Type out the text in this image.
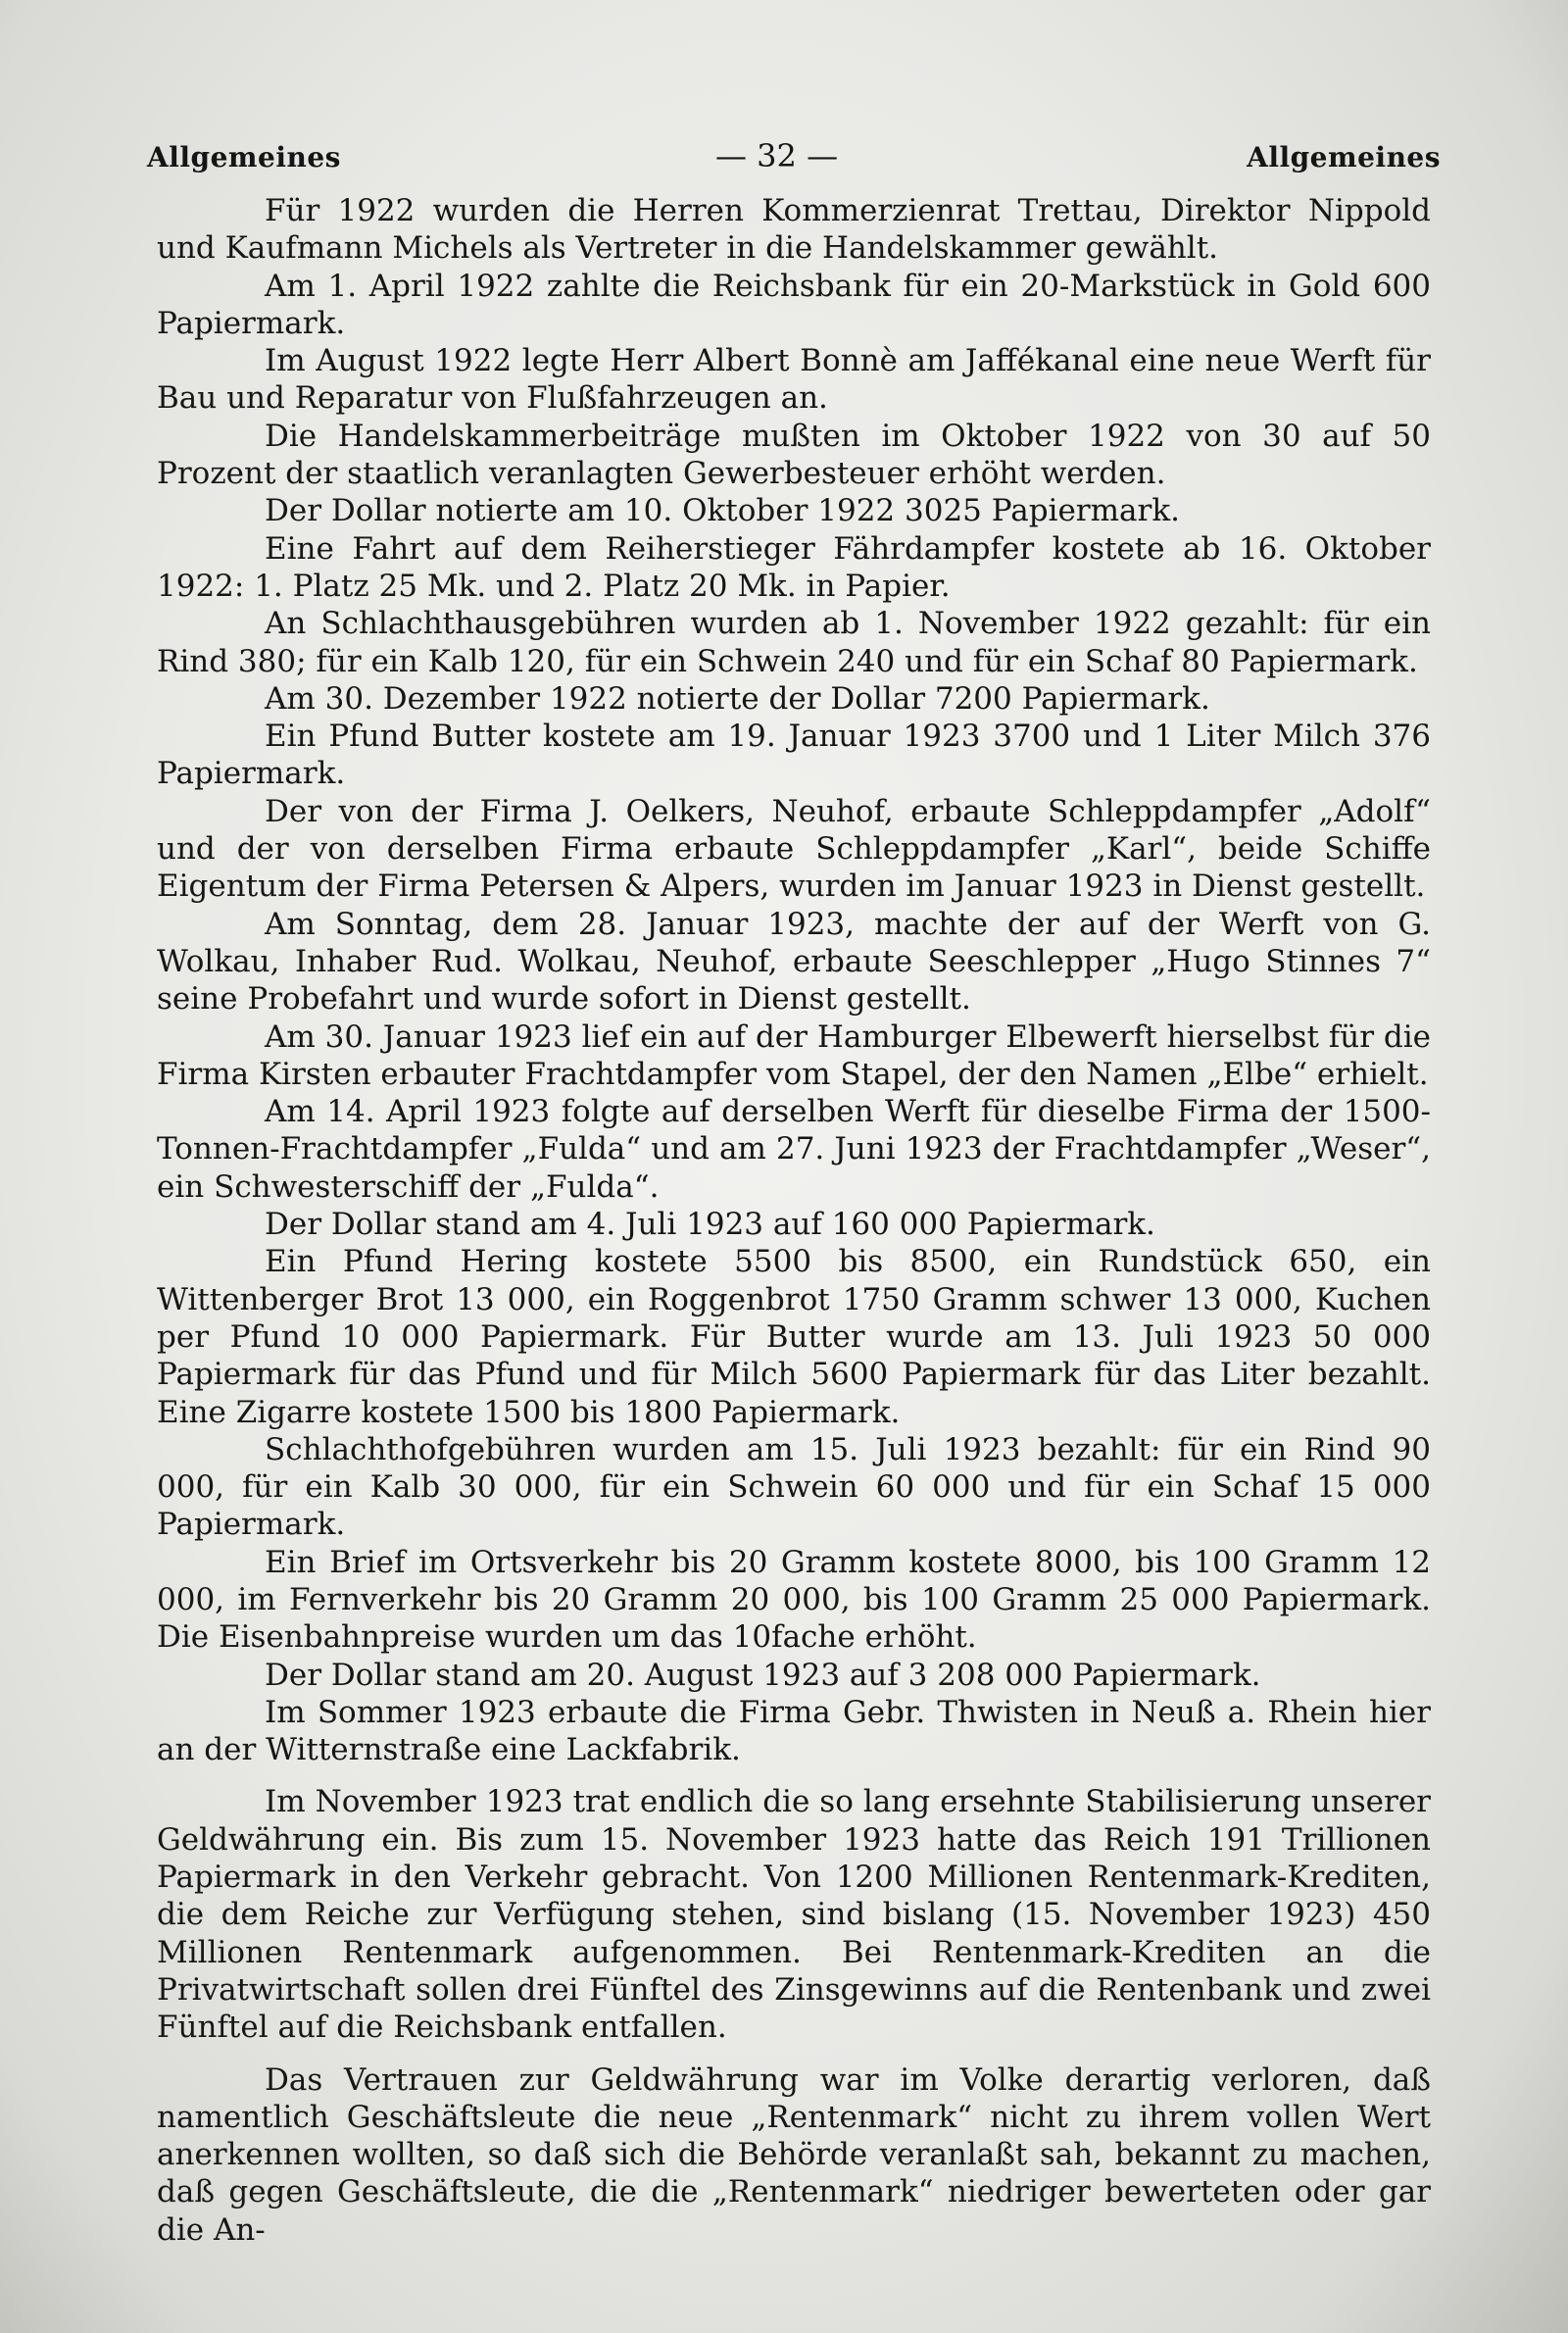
Allgemeines	— 32 —	Allgemeines

Für 1922 wurden die Herren Kommerzienrat Trettau, Direktor Nippold und Kaufmann Michels als Vertreter in die Handelskammer gewählt.

Am 1. April 1922 zahlte die Reichsbank für ein 20-Markstück in Gold 600 Papiermark.

Im August 1922 legte Herr Albert Bonnè am Jaffékanal eine neue Werft für Bau und Reparatur von Flußfahrzeugen an.

Die Handelskammerbeiträge mußten im Oktober 1922 von 30 auf 50 Prozent der staatlich veranlagten Gewerbesteuer erhöht werden.

Der Dollar notierte am 10. Oktober 1922 3025 Papiermark.

Eine Fahrt auf dem Reiherstieger Fährdampfer kostete ab 16. Oktober 1922: 1. Platz 25 Mk. und 2. Platz 20 Mk. in Papier.

An Schlachthausgebühren wurden ab 1. November 1922 gezahlt: für ein Rind 380; für ein Kalb 120, für ein Schwein 240 und für ein Schaf 80 Papiermark.

Am 30. Dezember 1922 notierte der Dollar 7200 Papiermark.

Ein Pfund Butter kostete am 19. Januar 1923 3700 und 1 Liter Milch 376 Papiermark.

Der von der Firma J. Oelkers, Neuhof, erbaute Schleppdampfer „Adolf“ und der von derselben Firma erbaute Schleppdampfer „Karl“, beide Schiffe Eigentum der Firma Petersen & Alpers, wurden im Januar 1923 in Dienst gestellt.

Am Sonntag, dem 28. Januar 1923, machte der auf der Werft von G. Wolkau, Inhaber Rud. Wolkau, Neuhof, erbaute Seeschlepper „Hugo Stinnes 7“ seine Probefahrt und wurde sofort in Dienst gestellt.

Am 30. Januar 1923 lief ein auf der Hamburger Elbewerft hierselbst für die Firma Kirsten erbauter Frachtdampfer vom Stapel, der den Namen „Elbe“ erhielt.

Am 14. April 1923 folgte auf derselben Werft für dieselbe Firma der 1500-Tonnen-Frachtdampfer „Fulda“ und am 27. Juni 1923 der Frachtdampfer „Weser“, ein Schwesterschiff der „Fulda“.

Der Dollar stand am 4. Juli 1923 auf 160 000 Papiermark.

Ein Pfund Hering kostete 5500 bis 8500, ein Rundstück 650, ein Wittenberger Brot 13 000, ein Roggenbrot 1750 Gramm schwer 13 000, Kuchen per Pfund 10 000 Papiermark. Für Butter wurde am 13. Juli 1923 50 000 Papiermark für das Pfund und für Milch 5600 Papiermark für das Liter bezahlt. Eine Zigarre kostete 1500 bis 1800 Papiermark.

Schlachthofgebühren wurden am 15. Juli 1923 bezahlt: für ein Rind 90 000, für ein Kalb 30 000, für ein Schwein 60 000 und für ein Schaf 15 000 Papiermark.

Ein Brief im Ortsverkehr bis 20 Gramm kostete 8000, bis 100 Gramm 12 000, im Fernverkehr bis 20 Gramm 20 000, bis 100 Gramm 25 000 Papiermark. Die Eisenbahnpreise wurden um das 10fache erhöht.

Der Dollar stand am 20. August 1923 auf 3 208 000 Papiermark.

Im Sommer 1923 erbaute die Firma Gebr. Thwisten in Neuß a. Rhein hier an der Witternstraße eine Lackfabrik.

Im November 1923 trat endlich die so lang ersehnte Stabilisierung unserer Geldwährung ein. Bis zum 15. November 1923 hatte das Reich 191 Trillionen Papiermark in den Verkehr gebracht. Von 1200 Millionen Rentenmark-Krediten, die dem Reiche zur Verfügung stehen, sind bislang (15. November 1923) 450 Millionen Rentenmark aufgenommen. Bei Rentenmark-Krediten an die Privatwirtschaft sollen drei Fünftel des Zinsgewinns auf die Rentenbank und zwei Fünftel auf die Reichsbank entfallen.

Das Vertrauen zur Geldwährung war im Volke derartig verloren, daß namentlich Geschäftsleute die neue „Rentenmark“ nicht zu ihrem vollen Wert anerkennen wollten, so daß sich die Behörde veranlaßt sah, bekannt zu machen, daß gegen Geschäftsleute, die die „Rentenmark“ niedriger bewerteten oder gar die An-
